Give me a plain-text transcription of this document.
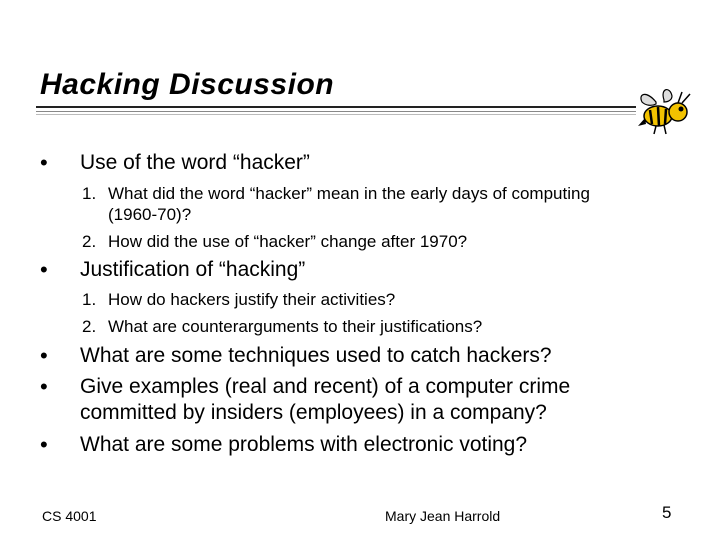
Hacking Discussion
•	Use of the word “hacker”
1. What did the word “hacker” mean in the early days of computing (1960-70)?
2. How did the use of “hacker” change after 1970?
•	Justification of “hacking”
1. How do hackers justify their activities?
2. What are counterarguments to their justifications?
•	What are some techniques used to catch hackers?
•	Give examples (real and recent) of a computer crime committed by insiders (employees) in a company?
•	What are some problems with electronic voting?
CS 4001	Mary Jean Harrold	5
